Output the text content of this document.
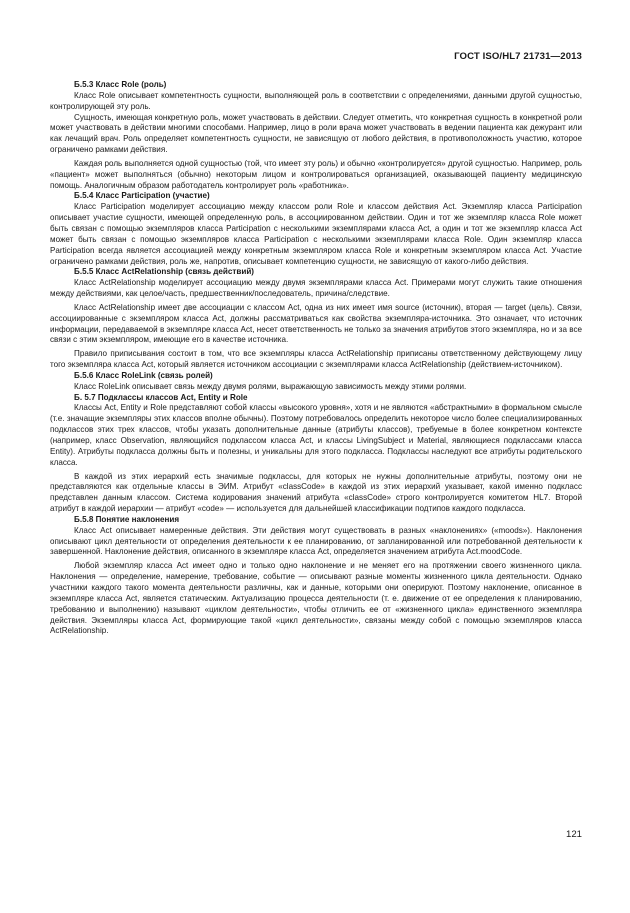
ГОСТ ISO/HL7 21731—2013
Б.5.3 Класс Role (роль)
Класс Role описывает компетентность сущности, выполняющей роль в соответствии с определениями, данными другой сущностью, контролирующей эту роль.
Сущность, имеющая конкретную роль, может участвовать в действии. Следует отметить, что конкретная сущность в конкретной роли может участвовать в действии многими способами. Например, лицо в роли врача может участвовать в ведении пациента как дежурант или как лечащий врач. Роль определяет компетентность сущности, не зависящую от любого действия, в противоположность участию, которое ограничено рамками действия.
Каждая роль выполняется одной сущностью (той, что имеет эту роль) и обычно «контролируется» другой сущностью. Например, роль «пациент» может выполняться (обычно) некоторым лицом и контролироваться организацией, оказывающей пациенту медицинскую помощь. Аналогичным образом работодатель контролирует роль «работника».
Б.5.4 Класс Participation (участие)
Класс Participation моделирует ассоциацию между классом роли Role и классом действия Act. Экземпляр класса Participation описывает участие сущности, имеющей определенную роль, в ассоциированном действии. Один и тот же экземпляр класса Role может быть связан с помощью экземпляров класса Participation с несколькими экземплярами класса Act, а один и тот же экземпляр класса Act может быть связан с помощью экземпляров класса Participation с несколькими экземплярами класса Role. Один экземпляр класса Participation всегда является ассоциацией между конкретным экземпляром класса Role и конкретным экземпляром класса Act. Участие ограничено рамками действия, роль же, напротив, описывает компетенцию сущности, не зависящую от какого-либо действия.
Б.5.5 Класс ActRelationship (связь действий)
Класс ActRelationship моделирует ассоциацию между двумя экземплярами класса Act. Примерами могут служить такие отношения между действиями, как целое/часть, предшественник/последователь, причина/следствие.
Класс ActRelationship имеет две ассоциации с классом Act, одна из них имеет имя source (источник), вторая — target (цель). Связи, ассоциированные с экземпляром класса Act, должны рассматриваться как свойства экземпляра-источника. Это означает, что источник информации, передаваемой в экземпляре класса Act, несет ответственность не только за значения атрибутов этого экземпляра, но и за все связи с этим экземпляром, имеющие его в качестве источника.
Правило приписывания состоит в том, что все экземпляры класса ActRelationship приписаны ответственному действующему лицу того экземпляра класса Act, который является источником ассоциации с экземплярами класса ActRelationship (действием-источником).
Б.5.6 Класс RoleLink (связь ролей)
Класс RoleLink описывает связь между двумя ролями, выражающую зависимость между этими ролями.
Б. 5.7 Подклассы классов Act, Entity и Role
Классы Act, Entity и Role представляют собой классы «высокого уровня», хотя и не являются «абстрактными» в формальном смысле (т.е. значащие экземпляры этих классов вполне обычны). Поэтому потребовалось определить некоторое число более специализированных подклассов этих трех классов, чтобы указать дополнительные данные (атрибуты классов), требуемые в более конкретном контексте (например, класс Observation, являющийся подклассом класса Act, и классы LivingSubject и Material, являющиеся подклассами класса Entity). Атрибуты подкласса должны быть и полезны, и уникальны для этого подкласса. Подклассы наследуют все атрибуты родительского класса.
В каждой из этих иерархий есть значимые подклассы, для которых не нужны дополнительные атрибуты, поэтому они не представляются как отдельные классы в ЭИМ. Атрибут «classCode» в каждой из этих иерархий указывает, какой именно подкласс представлен данным классом. Система кодирования значений атрибута «classCode» строго контролируется комитетом HL7. Второй атрибут в каждой иерархии — атрибут «code» — используется для дальнейшей классификации подтипов каждого подкласса.
Б.5.8 Понятие наклонения
Класс Act описывает намеренные действия. Эти действия могут существовать в разных «наклонениях» («moods»). Наклонения описывают цикл деятельности от определения деятельности к ее планированию, от запланированной или потребованной деятельности к завершенной. Наклонение действия, описанного в экземпляре класса Act, определяется значением атрибута Act.moodCode.
Любой экземпляр класса Act имеет одно и только одно наклонение и не меняет его на протяжении своего жизненного цикла. Наклонения — определение, намерение, требование, событие — описывают разные моменты жизненного цикла деятельности. Однако участники каждого такого момента деятельности различны, как и данные, которыми они оперируют. Поэтому наклонение, описанное в экземпляре класса Act, является статическим. Актуализацию процесса деятельности (т. е. движение от ее определения к планированию, требованию и выполнению) называют «циклом деятельности», чтобы отличить ее от «жизненного цикла» единственного экземпляра действия. Экземпляры класса Act, формирующие такой «цикл деятельности», связаны между собой с помощью экземпляров класса ActRelationship.
121
